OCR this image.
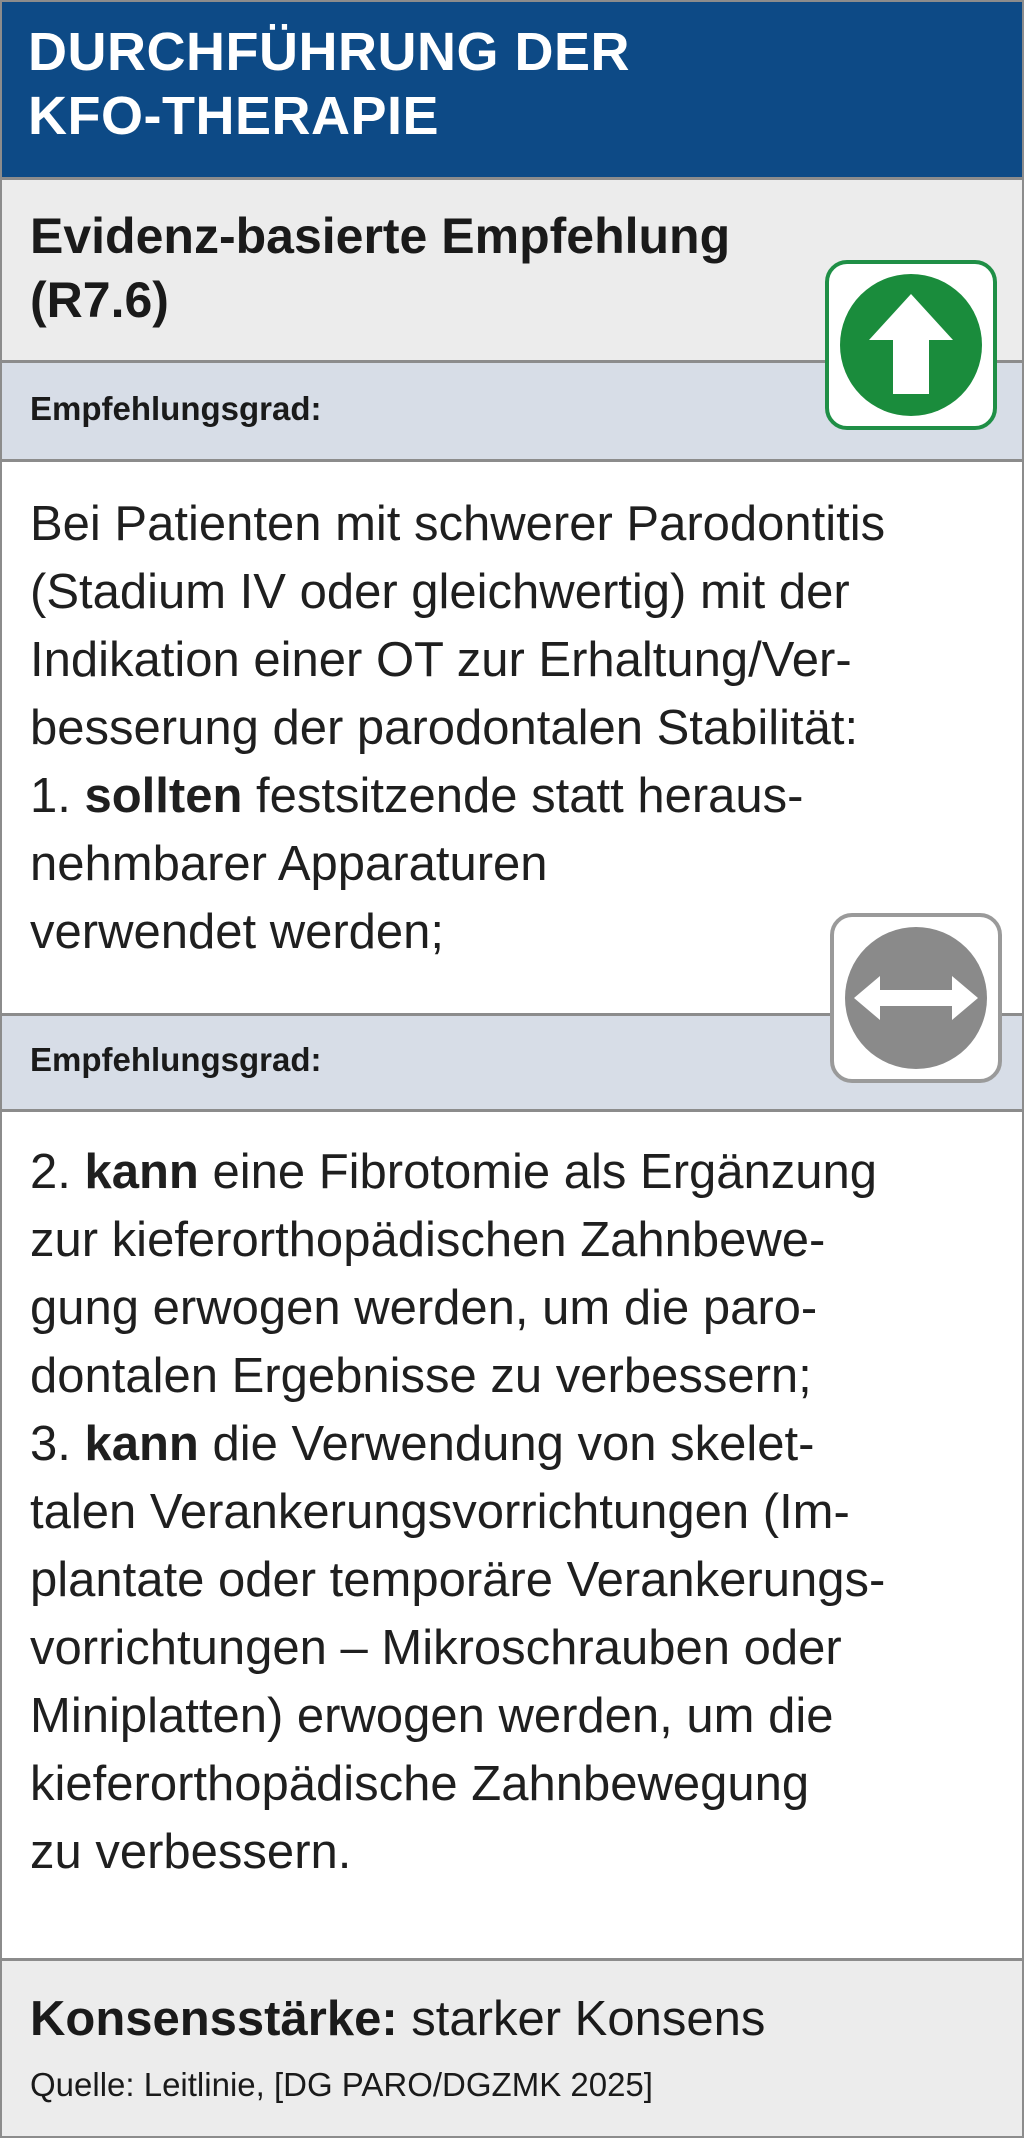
DURCHFÜHRUNG DER
KFO-THERAPIE
Evidenz-basierte Empfehlung
(R7.6)
Empfehlungsgrad:

Bei Patienten mit schwerer Parodontitis

(Stadium IV oder gleichwertig) mit der

Indikation einer OT zur Erhaltung/Ver-

besserung der parodontalen Stabilität:

1. sollten festsitzende statt heraus-

nehmbarer Apparaturen

verwendet werden;

Empfehlungsgrad:

2. kann eine Fibrotomie als Ergänzung

zur kieferorthopädischen Zahnbewe-

gung erwogen werden, um die paro-

dontalen Ergebnisse zu verbessern;

3. kann die Verwendung von skelet-

talen Verankerungsvorrichtungen (Im-

plantate oder temporäre Verankerungs-

vorrichtungen – Mikroschrauben oder

Miniplatten) erwogen werden, um die

kieferorthopädische Zahnbewegung

zu verbessern.

Konsensstärke: starker Konsens
Quelle: Leitlinie, [DG PARO/DGZMK 2025]
